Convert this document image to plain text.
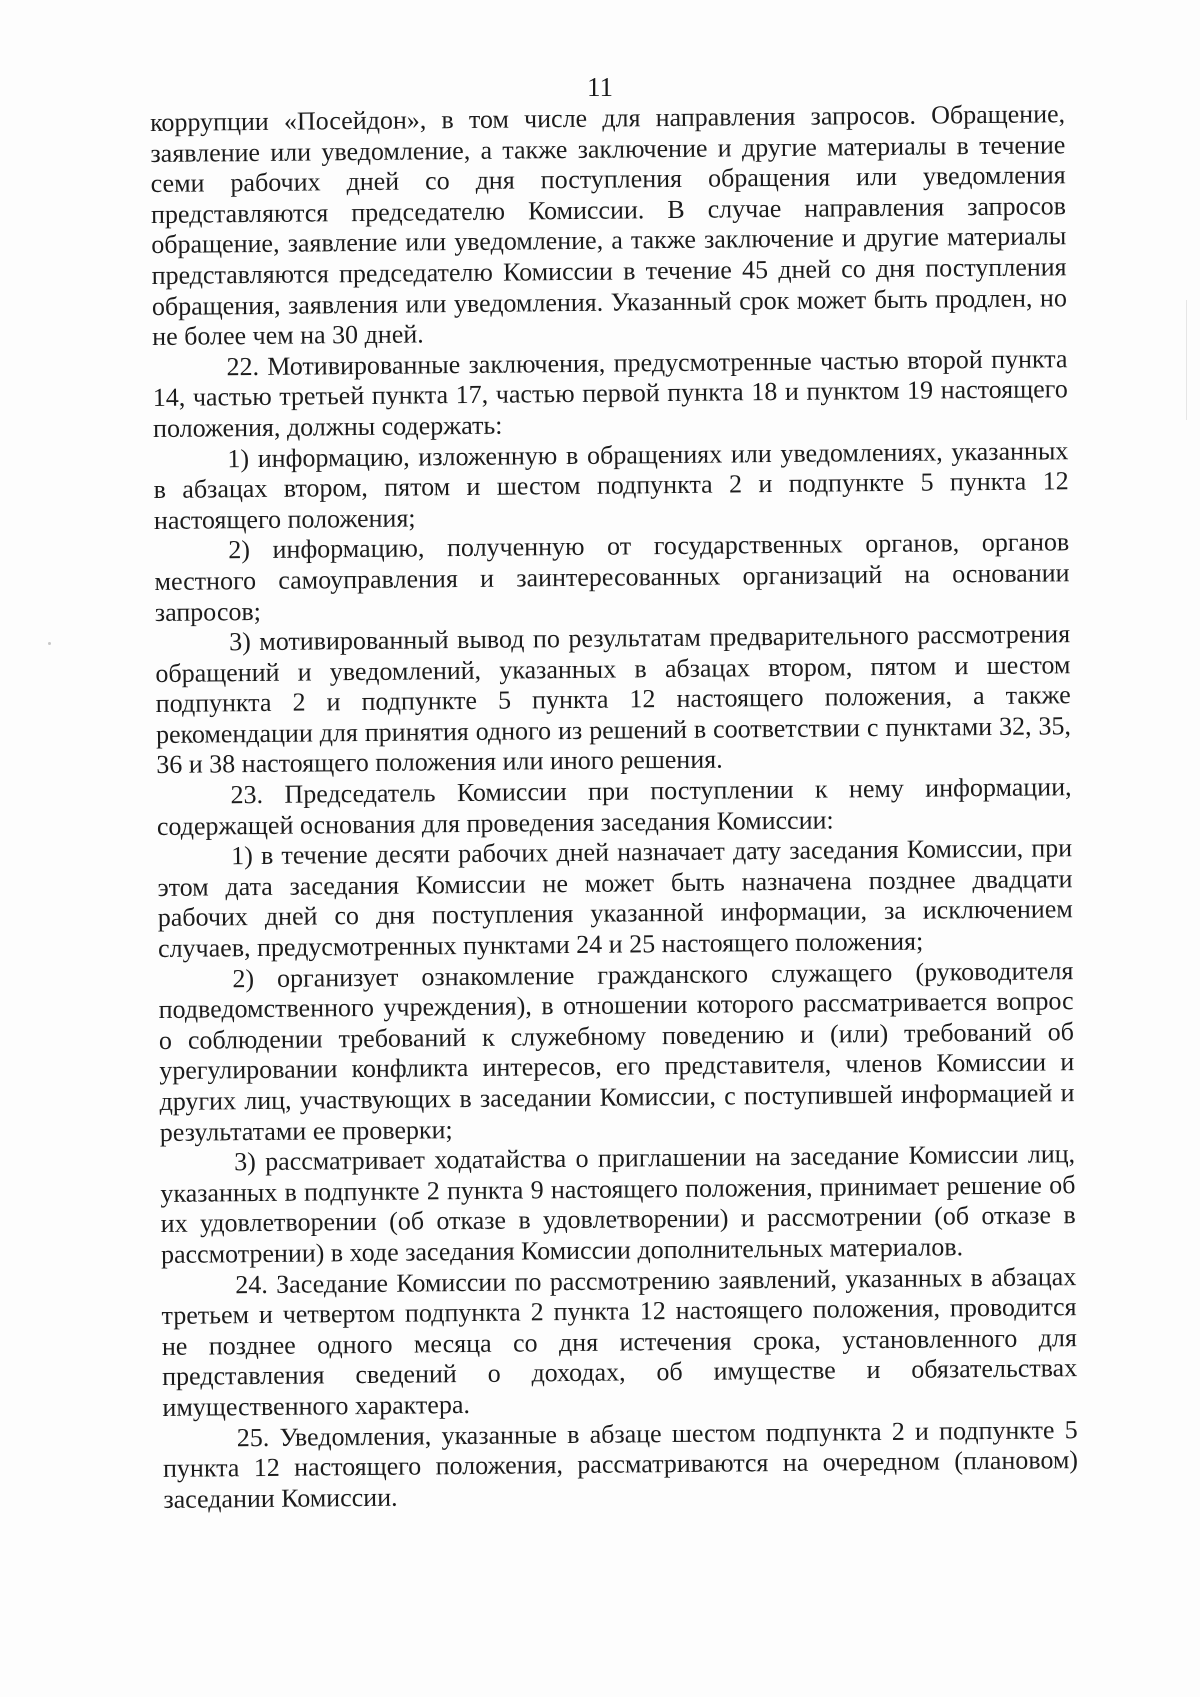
11

коррупции «Посейдон», в том числе для направления запросов. Обращение, заявление или уведомление, а также заключение и другие материалы в течение семи рабочих дней со дня поступления обращения или уведомления представляются председателю Комиссии. В случае направления запросов обращение, заявление или уведомление, а также заключение и другие материалы представляются председателю Комиссии в течение 45 дней со дня поступления обращения, заявления или уведомления. Указанный срок может быть продлен, но не более чем на 30 дней.

22. Мотивированные заключения, предусмотренные частью второй пункта 14, частью третьей пункта 17, частью первой пункта 18 и пунктом 19 настоящего положения, должны содержать:

1) информацию, изложенную в обращениях или уведомлениях, указанных в абзацах втором, пятом и шестом подпункта 2 и подпункте 5 пункта 12 настоящего положения;

2) информацию, полученную от государственных органов, органов местного самоуправления и заинтересованных организаций на основании запросов;

3) мотивированный вывод по результатам предварительного рассмотрения обращений и уведомлений, указанных в абзацах втором, пятом и шестом подпункта 2 и подпункте 5 пункта 12 настоящего положения, а также рекомендации для принятия одного из решений в соответствии с пунктами 32, 35, 36 и 38 настоящего положения или иного решения.

23. Председатель Комиссии при поступлении к нему информации, содержащей основания для проведения заседания Комиссии:

1) в течение десяти рабочих дней назначает дату заседания Комиссии, при этом дата заседания Комиссии не может быть назначена позднее двадцати рабочих дней со дня поступления указанной информации, за исключением случаев, предусмотренных пунктами 24 и 25 настоящего положения;

2) организует ознакомление гражданского служащего (руководителя подведомственного учреждения), в отношении которого рассматривается вопрос о соблюдении требований к служебному поведению и (или) требований об урегулировании конфликта интересов, его представителя, членов Комиссии и других лиц, участвующих в заседании Комиссии, с поступившей информацией и результатами ее проверки;

3) рассматривает ходатайства о приглашении на заседание Комиссии лиц, указанных в подпункте 2 пункта 9 настоящего положения, принимает решение об их удовлетворении (об отказе в удовлетворении) и рассмотрении (об отказе в рассмотрении) в ходе заседания Комиссии дополнительных материалов.

24. Заседание Комиссии по рассмотрению заявлений, указанных в абзацах третьем и четвертом подпункта 2 пункта 12 настоящего положения, проводится не позднее одного месяца со дня истечения срока, установленного для представления сведений о доходах, об имуществе и обязательствах имущественного характера.

25. Уведомления, указанные в абзаце шестом подпункта 2 и подпункте 5 пункта 12 настоящего положения, рассматриваются на очередном (плановом) заседании Комиссии.
